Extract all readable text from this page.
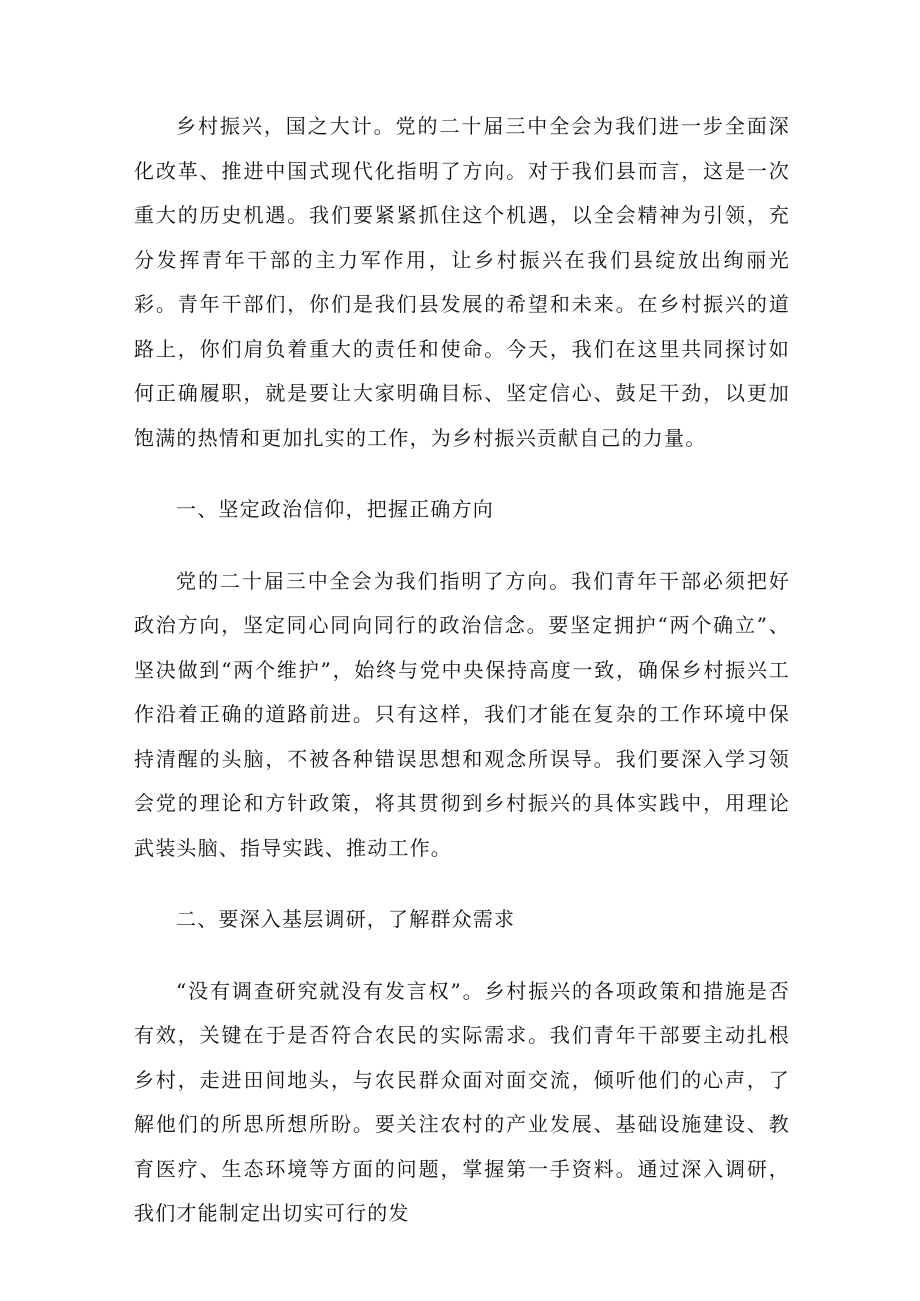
乡村振兴，国之大计。党的二十届三中全会为我们进一步全面深化改革、推进中国式现代化指明了方向。对于我们县而言，这是一次重大的历史机遇。我们要紧紧抓住这个机遇，以全会精神为引领，充分发挥青年干部的主力军作用，让乡村振兴在我们县绽放出绚丽光彩。青年干部们，你们是我们县发展的希望和未来。在乡村振兴的道路上，你们肩负着重大的责任和使命。今天，我们在这里共同探讨如何正确履职，就是要让大家明确目标、坚定信心、鼓足干劲，以更加饱满的热情和更加扎实的工作，为乡村振兴贡献自己的力量。

一、坚定政治信仰，把握正确方向

党的二十届三中全会为我们指明了方向。我们青年干部必须把好政治方向，坚定同心同向同行的政治信念。要坚定拥护“两个确立”、坚决做到“两个维护”，始终与党中央保持高度一致，确保乡村振兴工作沿着正确的道路前进。只有这样，我们才能在复杂的工作环境中保持清醒的头脑，不被各种错误思想和观念所误导。我们要深入学习领会党的理论和方针政策，将其贯彻到乡村振兴的具体实践中，用理论武装头脑、指导实践、推动工作。

二、要深入基层调研，了解群众需求

“没有调查研究就没有发言权”。乡村振兴的各项政策和措施是否有效，关键在于是否符合农民的实际需求。我们青年干部要主动扎根乡村，走进田间地头，与农民群众面对面交流，倾听他们的心声，了解他们的所思所想所盼。要关注农村的产业发展、基础设施建设、教育医疗、生态环境等方面的问题，掌握第一手资料。通过深入调研，我们才能制定出切实可行的发
